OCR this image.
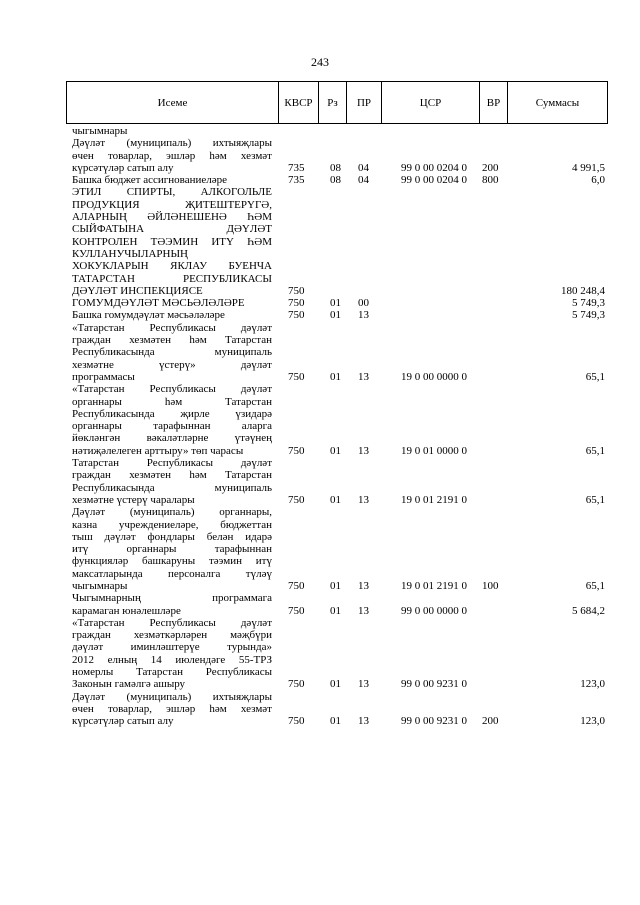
243
Исеме	КВСР	Рз	ПР	ЦСР	ВР	Суммасы
чыгымнары
Дәүләт (муниципаль) ихтыяҗлары
өчен товарлар, эшләр һәм хезмәт
күрсәтүләр сатып алу	735 08 04	99 0 00 0204 0 200	4 991,5
Башка бюджет ассигнованиеләре	735 08 04	99 0 00 0204 0 800	6,0
ЭТИЛ СПИРТЫ, АЛКОГОЛЬЛЕ
ПРОДУКЦИЯ ҖИТЕШТЕРҮГӘ,
АЛАРНЫҢ ӘЙЛӘНЕШЕНӘ ҺӘМ
СЫЙФАТЫНА ДӘҮЛӘТ
КОНТРОЛЕН ТӘЭМИН ИТҮ ҺӘМ
КУЛЛАНУЧЫЛАРНЫҢ
ХОКУКЛАРЫН ЯКЛАУ БУЕНЧА
ТАТАРСТАН РЕСПУБЛИКАСЫ
ДӘҮЛӘТ ИНСПЕКЦИЯСЕ	750	180 248,4
ГОМУМДӘҮЛӘТ МӘСЬӘЛӘЛӘРЕ	750 01 00	5 749,3
Башка гомумдәүләт мәсьәләләре	750 01 13	5 749,3
«Татарстан Республикасы дәүләт
граждан хезмәтен һәм Татарстан
Республикасында муниципаль
хезмәтне үстерү» дәүләт
программасы	750 01 13	19 0 00 0000 0	65,1
«Татарстан Республикасы дәүләт
органнары һәм Татарстан
Республикасында җирле үзидарә
органнары тарафыннан аларга
йөкләнгән вәкаләтләрне үтәүнең
нәтиҗәлелеген арттыру» төп чарасы	750 01 13	19 0 01 0000 0	65,1
Татарстан Республикасы дәүләт
граждан хезмәтен һәм Татарстан
Республикасында муниципаль
хезмәтне үстерү чаралары	750 01 13	19 0 01 2191 0	65,1
Дәүләт (муниципаль) органнары,
казна учреждениеләре, бюджеттан
тыш дәүләт фондлары белән идарә
итү органнары тарафыннан
функцияләр башкаруны тәэмин итү
максатларында персоналга түләү
чыгымнары	750 01 13	19 0 01 2191 0 100	65,1
Чыгымнарның программага
карамаган юнәлешләре	750 01 13	99 0 00 0000 0	5 684,2
«Татарстан Республикасы дәүләт
граждан хезмәткәрләрен мәҗбүри
дәүләт иминләштерүе турында»
2012 елның 14 июлендәге 55-ТРЗ
номерлы Татарстан Республикасы
Законын гамәлгә ашыру	750 01 13	99 0 00 9231 0	123,0
Дәүләт (муниципаль) ихтыяҗлары
өчен товарлар, эшләр һәм хезмәт
күрсәтүләр сатып алу	750 01 13	99 0 00 9231 0 200	123,0
